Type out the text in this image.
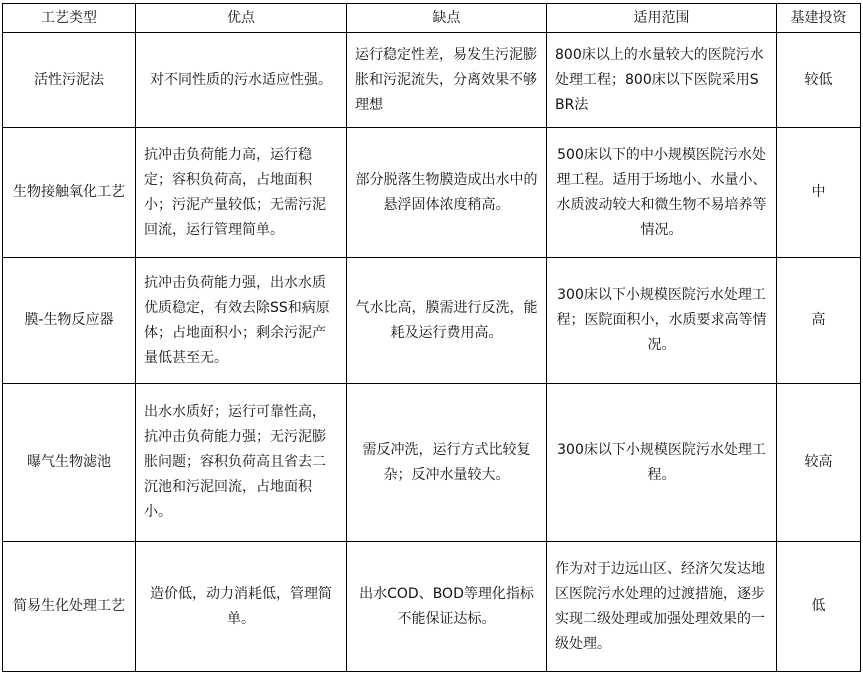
工艺类型	优点	缺点	适用范围	基建投资
活性污泥法	对不同性质的污水适应性强。	运行稳定性差，易发生污泥膨胀和污泥流失，分离效果不够理想	800床以上的水量较大的医院污水处理工程；800床以下医院采用SBR法	较低
生物接触氧化工艺	抗冲击负荷能力高，运行稳定；容积负荷高，占地面积小；污泥产量较低；无需污泥回流，运行管理简单。	部分脱落生物膜造成出水中的悬浮固体浓度稍高。	500床以下的中小规模医院污水处理工程。适用于场地小、水量小、水质波动较大和微生物不易培养等情况。	中
膜-生物反应器	抗冲击负荷能力强，出水水质优质稳定，有效去除SS和病原体；占地面积小；剩余污泥产量低甚至无。	气水比高，膜需进行反洗，能耗及运行费用高。	300床以下小规模医院污水处理工程；医院面积小，水质要求高等情况。	高
曝气生物滤池	出水水质好；运行可靠性高，抗冲击负荷能力强；无污泥膨胀问题；容积负荷高且省去二沉池和污泥回流，占地面积小。	需反冲洗，运行方式比较复杂；反冲水量较大。	300床以下小规模医院污水处理工程。	较高
简易生化处理工艺	造价低，动力消耗低，管理简单。	出水COD、BOD等理化指标不能保证达标。	作为对于边远山区、经济欠发达地区医院污水处理的过渡措施，逐步实现二级处理或加强处理效果的一级处理。	低
